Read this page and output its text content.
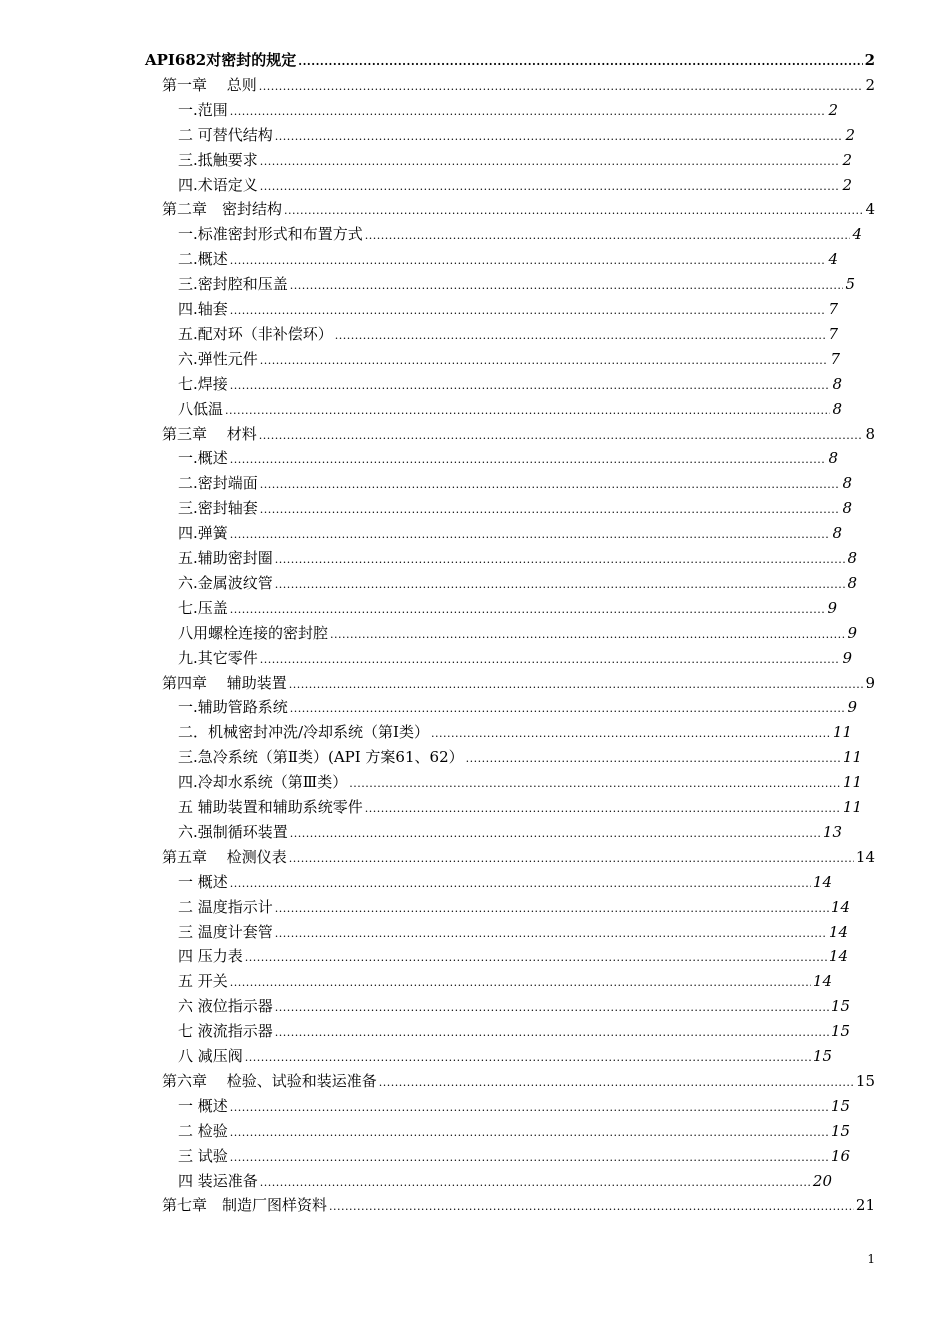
API682对密封的规定 .....	2
第一章　 总则 .....	2
一.范围 .....	2
二 可替代结构 .....	2
三.抵触要求 .....	2
四.术语定义 .....	2
第二章　密封结构 .....	4
一.标准密封形式和布置方式 .....	4
二.概述 .....	4
三.密封腔和压盖 .....	5
四.轴套 .....	7
五.配对环（非补偿环） .....	7
六.弹性元件 .....	7
七.焊接 .....	8
八低温 .....	8
第三章　 材料 .....	8
一.概述 .....	8
二.密封端面 .....	8
三.密封轴套 .....	8
四.弹簧 .....	8
五.辅助密封圈 .....	8
六.金属波纹管 .....	8
七.压盖 .....	9
八用螺栓连接的密封腔 .....	9
九.其它零件 .....	9
第四章　 辅助装置 .....	9
一.辅助管路系统 .....	9
二．机械密封冲洗/冷却系统（第Ⅰ类） .....	11
三.急冷系统（第Ⅱ类）(API 方案61、62） .....	11
四.冷却水系统（第Ⅲ类） .....	11
五 辅助装置和辅助系统零件 .....	11
六.强制循环装置 .....	13
第五章　 检测仪表 .....	14
一 概述 .....	14
二 温度指示计 .....	14
三 温度计套管 .....	14
四 压力表 .....	14
五 开关 .....	14
六 液位指示器 .....	15
七 液流指示器 .....	15
八 减压阀 .....	15
第六章　 检验、试验和装运准备 .....	15
一 概述 .....	15
二 检验 .....	15
三 试验 .....	16
四 装运准备 .....	20
第七章　制造厂图样资料 .....	21
1
